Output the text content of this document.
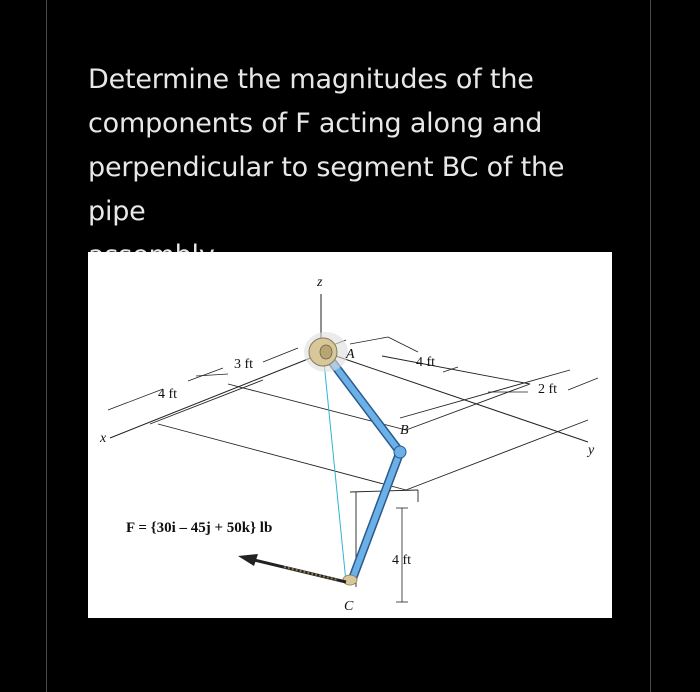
Determine the magnitudes of the
components of F acting along and
perpendicular to segment BC of the pipe
z
x
y
A
B
C
3 ft
4 ft
4 ft
2 ft
4 ft
F = {30i – 45j + 50k} lb
